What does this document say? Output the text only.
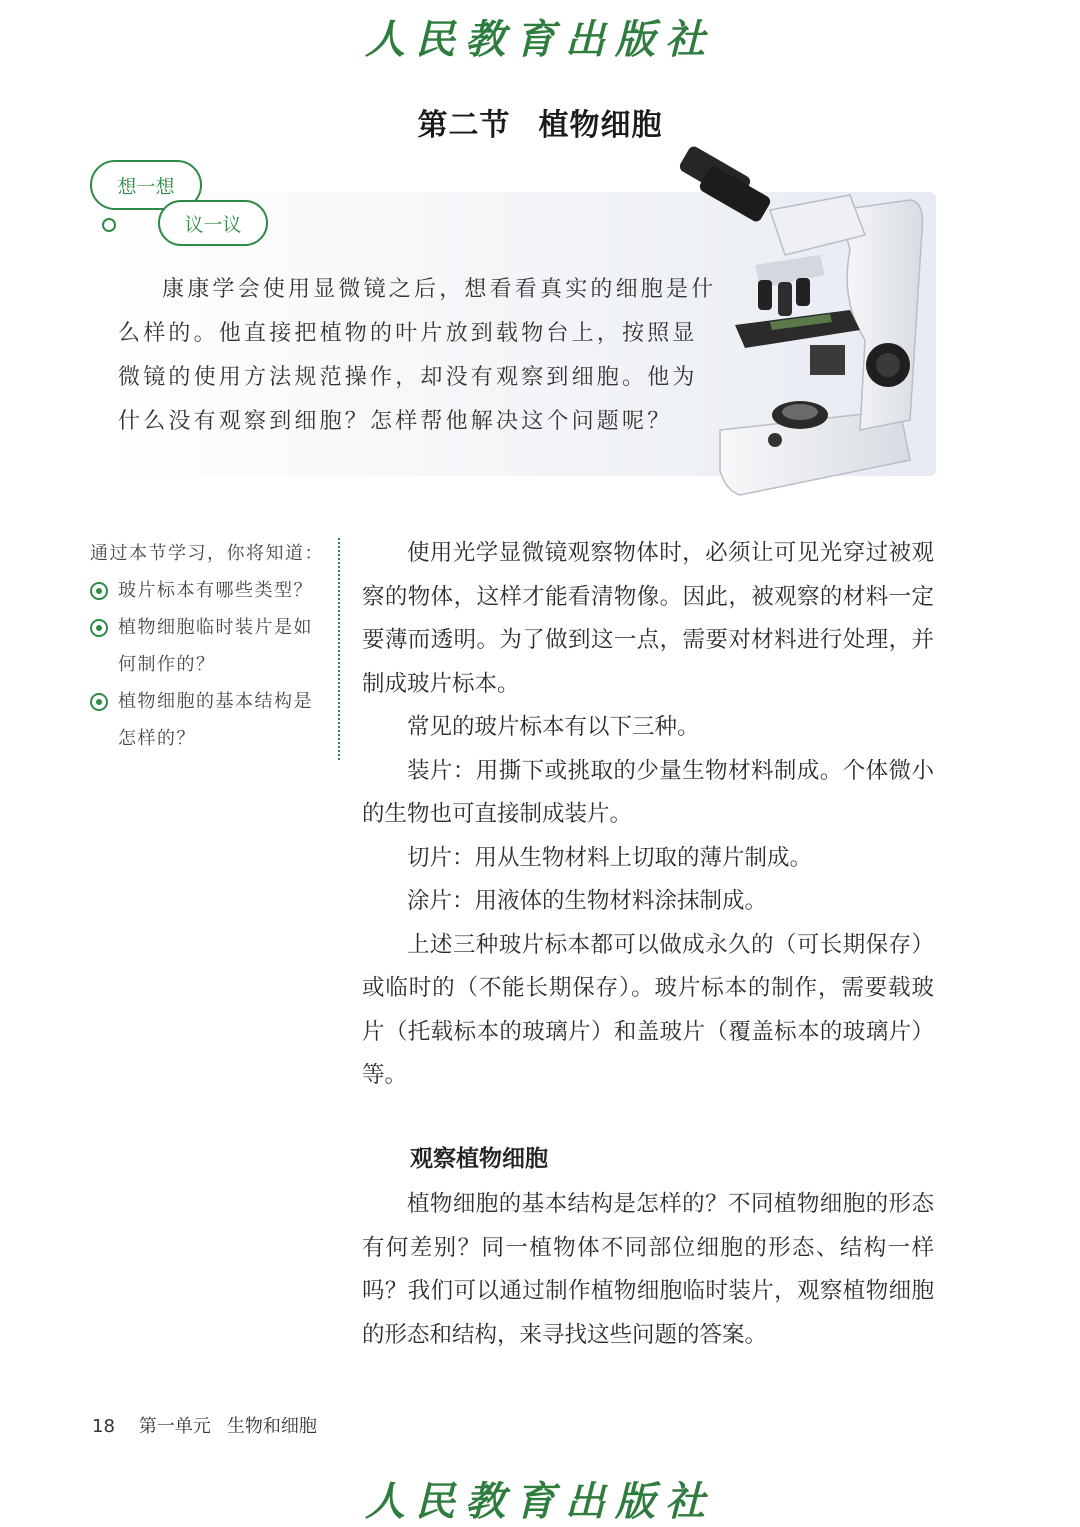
人民教育出版社
第二节 植物细胞
想一想
议一议

康康学会使用显微镜之后，想看看真实的细胞是什么样的。他直接把植物的叶片放到载物台上，按照显微镜的使用方法规范操作，却没有观察到细胞。他为什么没有观察到细胞？怎样帮他解决这个问题呢？

通过本节学习，你将知道：
玻片标本有哪些类型？
植物细胞临时装片是如何制作的？
植物细胞的基本结构是怎样的？

使用光学显微镜观察物体时，必须让可见光穿过被观察的物体，这样才能看清物像。因此，被观察的材料一定要薄而透明。为了做到这一点，需要对材料进行处理，并制成玻片标本。

常见的玻片标本有以下三种。

装片：用撕下或挑取的少量生物材料制成。个体微小的生物也可直接制成装片。

切片：用从生物材料上切取的薄片制成。

涂片：用液体的生物材料涂抹制成。

上述三种玻片标本都可以做成永久的（可长期保存）或临时的（不能长期保存）。玻片标本的制作，需要载玻片（托载标本的玻璃片）和盖玻片（覆盖标本的玻璃片）等。

观察植物细胞

植物细胞的基本结构是怎样的？不同植物细胞的形态有何差别？同一植物体不同部位细胞的形态、结构一样吗？我们可以通过制作植物细胞临时装片，观察植物细胞的形态和结构，来寻找这些问题的答案。

18 第一单元 生物和细胞
人民教育出版社
